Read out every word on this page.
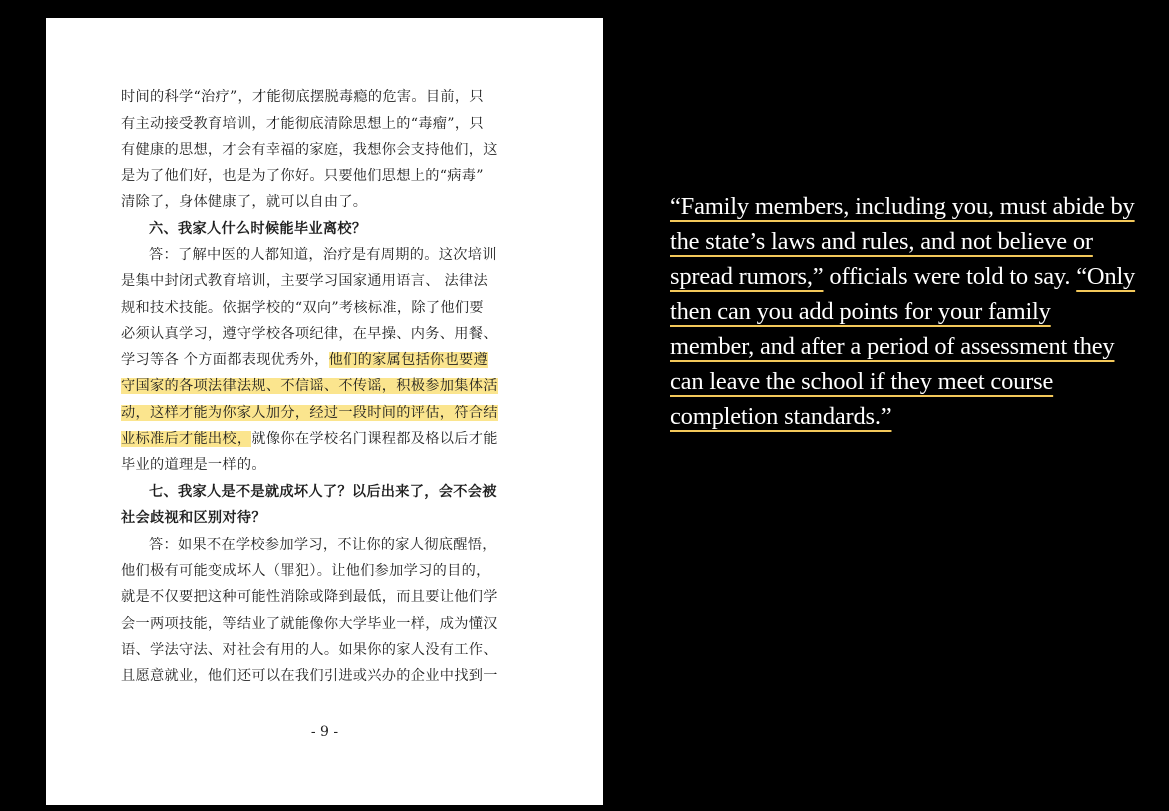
时间的科学“治疗”，才能彻底摆脱毒瘾的危害。目前，只
有主动接受教育培训，才能彻底清除思想上的“毒瘤”，只
有健康的思想，才会有幸福的家庭，我想你会支持他们，这
是为了他们好，也是为了你好。只要他们思想上的“病毒”
清除了，身体健康了，就可以自由了。
六、我家人什么时候能毕业离校？
答：了解中医的人都知道，治疗是有周期的。这次培训
是集中封闭式教育培训，主要学习国家通用语言、 法律法
规和技术技能。依据学校的“双向”考核标准，除了他们要
必须认真学习，遵守学校各项纪律，在早操、内务、用餐、
学习等各 个方面都表现优秀外，他们的家属包括你也要遵
守国家的各项法律法规、不信谣、不传谣，积极参加集体活
动，这样才能为你家人加分，经过一段时间的评估，符合结
业标准后才能出校，就像你在学校名门课程都及格以后才能
毕业的道理是一样的。
七、我家人是不是就成坏人了？以后出来了，会不会被
社会歧视和区别对待？
答：如果不在学校参加学习，不让你的家人彻底醒悟，
他们极有可能变成坏人（罪犯）。让他们参加学习的目的，
就是不仅要把这种可能性消除或降到最低，而且要让他们学
会一两项技能，等结业了就能像你大学毕业一样，成为懂汉
语、学法守法、对社会有用的人。如果你的家人没有工作、
且愿意就业，他们还可以在我们引进或兴办的企业中找到一
- 9 -
“Family members, including you, must abide by
the state’s laws and rules, and not believe or
spread rumors,” officials were told to say. “Only
then can you add points for your family
member, and after a period of assessment they
can leave the school if they meet course
completion standards.”
